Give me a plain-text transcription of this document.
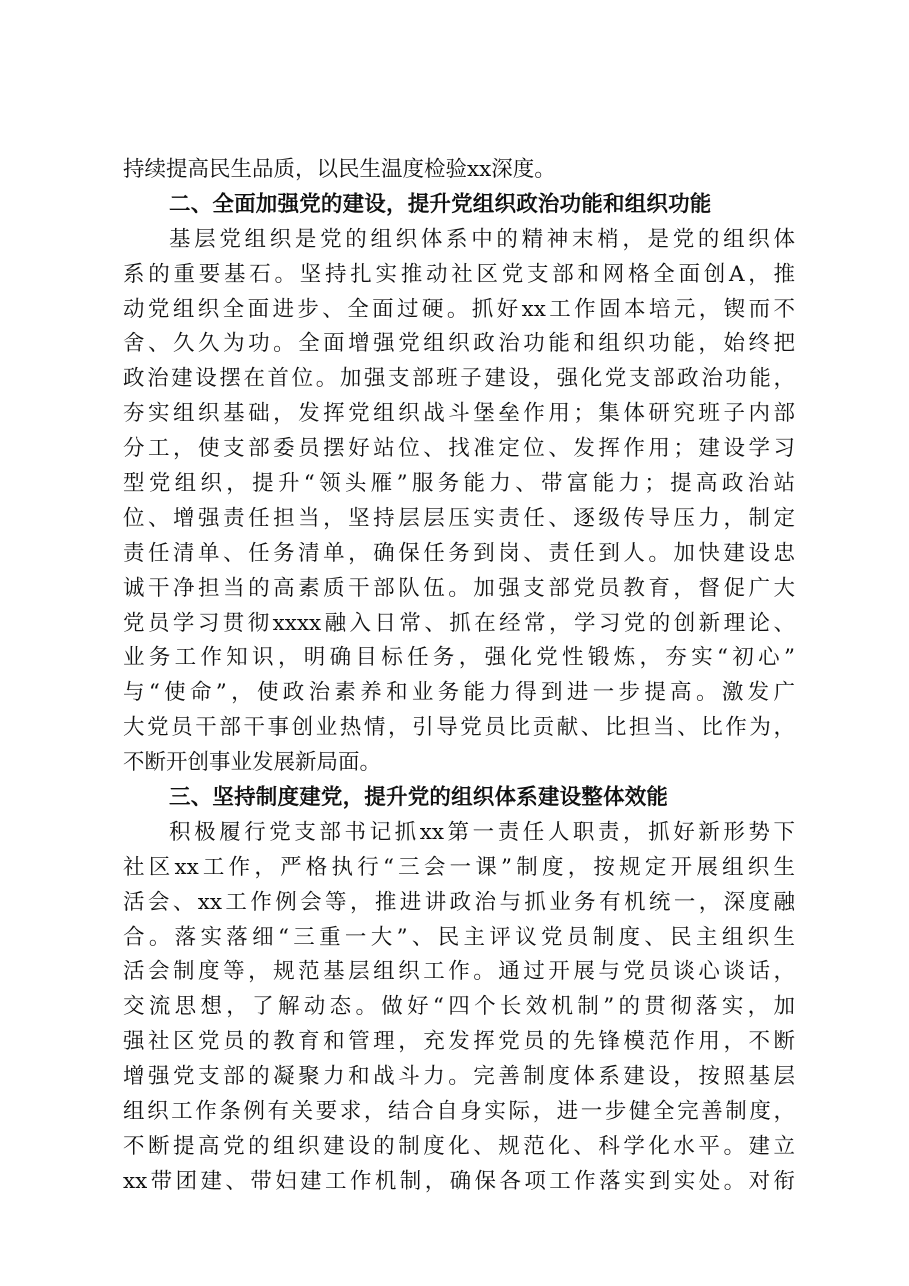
持续提高民生品质，以民生温度检验xx深度。
二、全面加强党的建设，提升党组织政治功能和组织功能
基层党组织是党的组织体系中的精神末梢，是党的组织体
系的重要基石。坚持扎实推动社区党支部和网格全面创A，推
动党组织全面进步、全面过硬。抓好xx工作固本培元，锲而不
舍、久久为功。全面增强党组织政治功能和组织功能，始终把
政治建设摆在首位。加强支部班子建设，强化党支部政治功能，
夯实组织基础，发挥党组织战斗堡垒作用；集体研究班子内部
分工，使支部委员摆好站位、找准定位、发挥作用；建设学习
型党组织，提升“领头雁”服务能力、带富能力；提高政治站
位、增强责任担当，坚持层层压实责任、逐级传导压力，制定
责任清单、任务清单，确保任务到岗、责任到人。加快建设忠
诚干净担当的高素质干部队伍。加强支部党员教育，督促广大
党员学习贯彻xxxx融入日常、抓在经常，学习党的创新理论、
业务工作知识，明确目标任务，强化党性锻炼，夯实“初心”
与“使命”，使政治素养和业务能力得到进一步提高。激发广
大党员干部干事创业热情，引导党员比贡献、比担当、比作为，
不断开创事业发展新局面。
三、坚持制度建党，提升党的组织体系建设整体效能
积极履行党支部书记抓xx第一责任人职责，抓好新形势下
社区xx工作，严格执行“三会一课”制度，按规定开展组织生
活会、xx工作例会等，推进讲政治与抓业务有机统一，深度融
合。落实落细“三重一大”、民主评议党员制度、民主组织生
活会制度等，规范基层组织工作。通过开展与党员谈心谈话，
交流思想，了解动态。做好“四个长效机制”的贯彻落实，加
强社区党员的教育和管理，充发挥党员的先锋模范作用，不断
增强党支部的凝聚力和战斗力。完善制度体系建设，按照基层
组织工作条例有关要求，结合自身实际，进一步健全完善制度，
不断提高党的组织建设的制度化、规范化、科学化水平。建立
xx带团建、带妇建工作机制，确保各项工作落实到实处。对衔
